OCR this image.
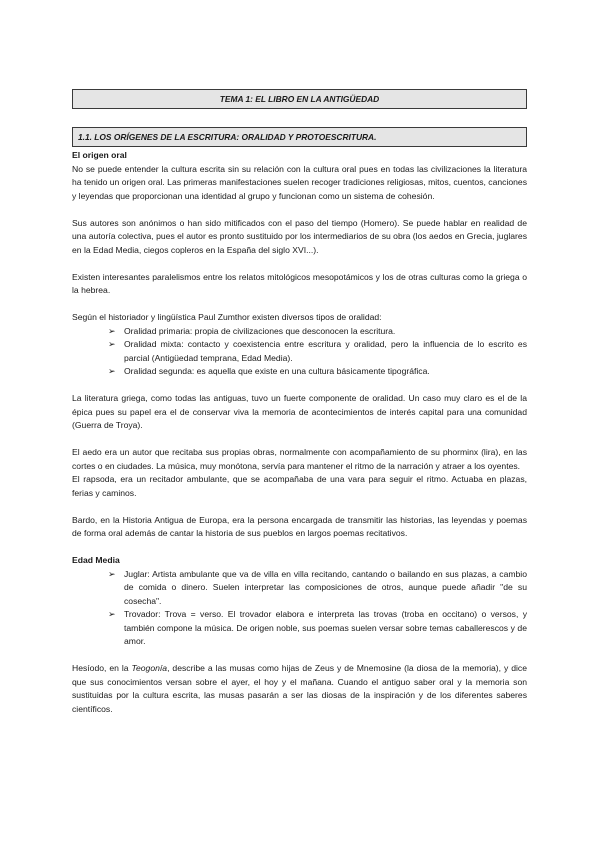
TEMA 1: EL LIBRO EN LA ANTIGÜEDAD
1.1. LOS ORÍGENES DE LA ESCRITURA: ORALIDAD Y PROTOESCRITURA.

El origen oral

No se puede entender la cultura escrita sin su relación con la cultura oral pues en todas las civilizaciones la literatura ha tenido un origen oral. Las primeras manifestaciones suelen recoger tradiciones religiosas, mitos, cuentos, canciones y leyendas que proporcionan una identidad al grupo y funcionan como un sistema de cohesión.

Sus autores son anónimos o han sido mitificados con el paso del tiempo (Homero). Se puede hablar en realidad de una autoría colectiva, pues el autor es pronto sustituido por los intermediarios de su obra (los aedos en Grecia, juglares en la Edad Media, ciegos copleros en la España del siglo XVI...).

Existen interesantes paralelismos entre los relatos mitológicos mesopotámicos y los de otras culturas como la griega o la hebrea.

Según el historiador y lingüística Paul Zumthor existen diversos tipos de oralidad:

➢ Oralidad primaria: propia de civilizaciones que desconocen la escritura.
➢ Oralidad mixta: contacto y coexistencia entre escritura y oralidad, pero la influencia de lo escrito es parcial (Antigüedad temprana, Edad Media).
➢ Oralidad segunda: es aquella que existe en una cultura básicamente tipográfica.

La literatura griega, como todas las antiguas, tuvo un fuerte componente de oralidad. Un caso muy claro es el de la épica pues su papel era el de conservar viva la memoria de acontecimientos de interés capital para una comunidad (Guerra de Troya).

El aedo era un autor que recitaba sus propias obras, normalmente con acompañamiento de su phorminx (lira), en las cortes o en ciudades. La música, muy monótona, servía para mantener el ritmo de la narración y atraer a los oyentes.

El rapsoda, era un recitador ambulante, que se acompañaba de una vara para seguir el ritmo. Actuaba en plazas, ferias y caminos.

Bardo, en la Historia Antigua de Europa, era la persona encargada de transmitir las historias, las leyendas y poemas de forma oral además de cantar la historia de sus pueblos en largos poemas recitativos.

Edad Media

➢ Juglar: Artista ambulante que va de villa en villa recitando, cantando o bailando en sus plazas, a cambio de comida o dinero. Suelen interpretar las composiciones de otros, aunque puede añadir "de su cosecha".
➢ Trovador: Trova = verso. El trovador elabora e interpreta las trovas (troba en occitano) o versos, y también compone la música. De origen noble, sus poemas suelen versar sobre temas caballerescos y de amor.

Hesíodo, en la Teogonía, describe a las musas como hijas de Zeus y de Mnemosine (la diosa de la memoria), y dice que sus conocimientos versan sobre el ayer, el hoy y el mañana. Cuando el antiguo saber oral y la memoria son sustituidas por la cultura escrita, las musas pasarán a ser las diosas de la inspiración y de los diferentes saberes científicos.
